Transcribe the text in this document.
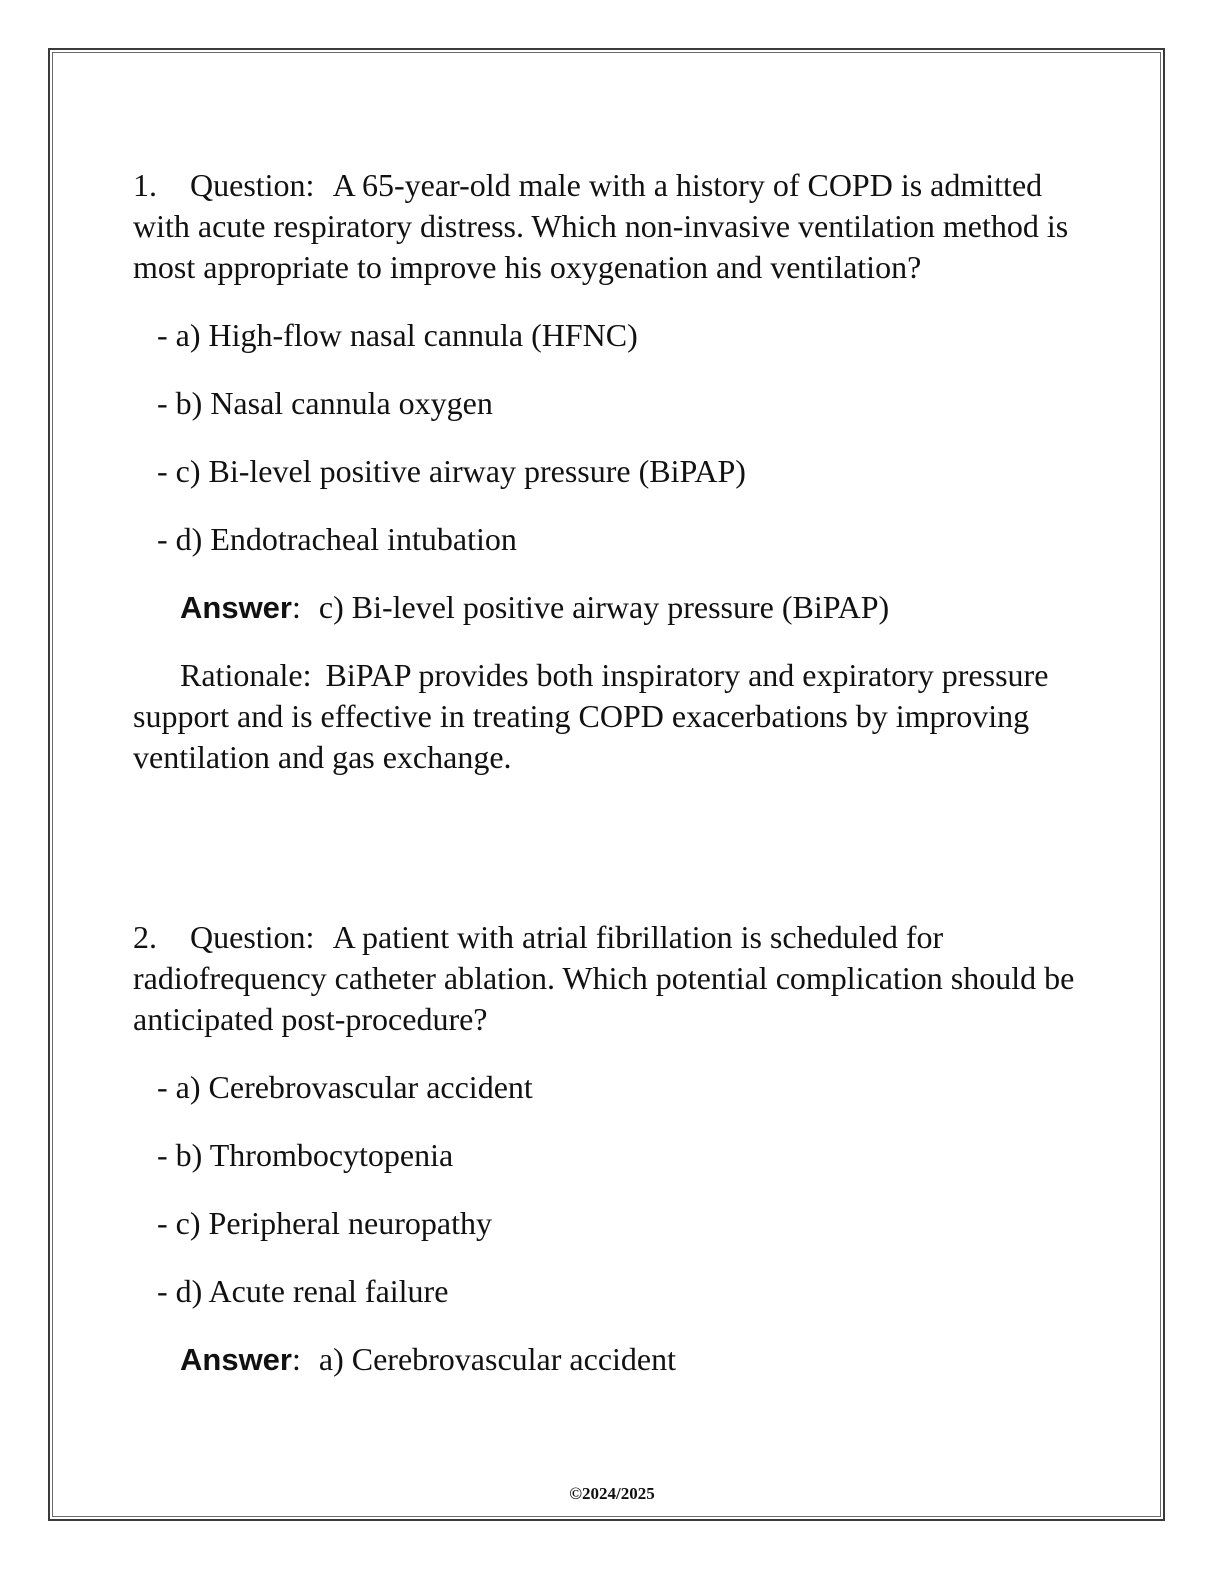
1. Question: A 65-year-old male with a history of COPD is admitted with acute respiratory distress. Which non-invasive ventilation method is most appropriate to improve his oxygenation and ventilation?

- a) High-flow nasal cannula (HFNC)
- b) Nasal cannula oxygen
- c) Bi-level positive airway pressure (BiPAP)
- d) Endotracheal intubation

Answer: c) Bi-level positive airway pressure (BiPAP)

Rationale: BiPAP provides both inspiratory and expiratory pressure support and is effective in treating COPD exacerbations by improving ventilation and gas exchange.

2. Question: A patient with atrial fibrillation is scheduled for radiofrequency catheter ablation. Which potential complication should be anticipated post-procedure?

- a) Cerebrovascular accident
- b) Thrombocytopenia
- c) Peripheral neuropathy
- d) Acute renal failure

Answer: a) Cerebrovascular accident

©2024/2025
